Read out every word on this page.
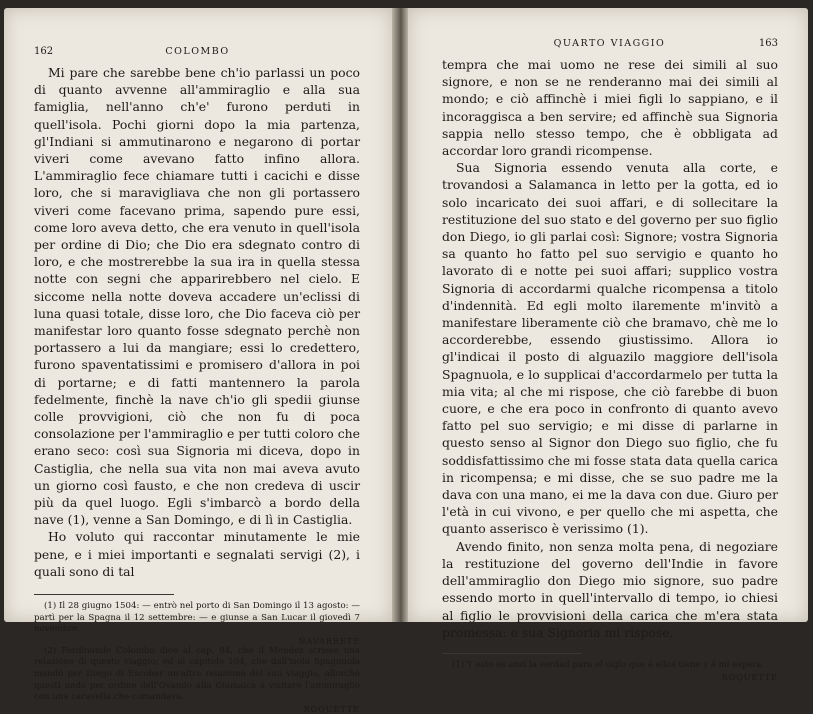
162	COLOMBO

Mi pare che sarebbe bene ch'io parlassi un poco di quanto avvenne all'ammiraglio e alla sua famiglia, nell'anno ch'e' furono perduti in quell'isola. Pochi giorni dopo la mia partenza, gl'Indiani si ammutinarono e negarono di portar viveri come avevano fatto infino allora. L'ammiraglio fece chiamare tutti i cacichi e disse loro, che si maravigliava che non gli portassero viveri come facevano prima, sapendo pure essi, come loro aveva detto, che era venuto in quell'isola per ordine di Dio; che Dio era sdegnato contro di loro, e che mostrerebbe la sua ira in quella stessa notte con segni che apparirebbero nel cielo. E siccome nella notte doveva accadere un'eclissi di luna quasi totale, disse loro, che Dio faceva ciò per manifestar loro quanto fosse sdegnato perchè non portassero a lui da mangiare; essi lo credettero, furono spaventatissimi e promisero d'allora in poi di portarne; e di fatti mantennero la parola fedelmente, finchè la nave ch'io gli spedii giunse colle provvigioni, ciò che non fu di poca consolazione per l'ammiraglio e per tutti coloro che erano seco: così sua Signoria mi diceva, dopo in Castiglia, che nella sua vita non mai aveva avuto un giorno così fausto, e che non credeva di uscir più da quel luogo. Egli s'imbarcò a bordo della nave (1), venne a San Domingo, e di lì in Castiglia.

Ho voluto qui raccontar minutamente le mie pene, e i miei importanti e segnalati servigi (2), i quali sono di tal

(1) Il 28 giugno 1504: — entrò nel porto di San Domingo il 13 agosto: — partì per la Spagna il 12 settembre: — e giunse a San Lucar il giovedì 7 novembre.

NAVARRETE

(2) Ferdinando Colombo dice al cap. 94, che il Mendez scrisse una relazione di questo viaggio; ed al capitolo 104, che dall'isola Spagnuola mandò per Diego di Escobar un'altra relazione del suo viaggio, allorchè questi andò per ordine dell'Ovando alla Giamaica a visitare l'ammiraglio con una caravella che comandava.

ROQUETTE
QUARTO VIAGGIO	163

tempra che mai uomo ne rese dei simili al suo signore, e non se ne renderanno mai dei simili al mondo; e ciò affinchè i miei figli lo sappiano, e il incoraggisca a ben servire; ed affinchè sua Signoria sappia nello stesso tempo, che è obbligata ad accordar loro grandi ricompense.

Sua Signoria essendo venuta alla corte, e trovandosi a Salamanca in letto per la gotta, ed io solo incaricato dei suoi affari, e di sollecitare la restituzione del suo stato e del governo per suo figlio don Diego, io gli parlai così: Signore; vostra Signoria sa quanto ho fatto pel suo servigio e quanto ho lavorato di e notte pei suoi affari; supplico vostra Signoria di accordarmi qualche ricompensa a titolo d'indennità. Ed egli molto ilaremente m'invitò a manifestare liberamente ciò che bramavo, chè me lo accorderebbe, essendo giustissimo. Allora io gl'indicai il posto di alguazilo maggiore dell'isola Spagnuola, e lo supplicai d'accordarmelo per tutta la mia vita; al che mi rispose, che ciò farebbe di buon cuore, e che era poco in confronto di quanto avevo fatto pel suo servigio; e mi disse di parlarne in questo senso al Signor don Diego suo figlio, che fu soddisfattissimo che mi fosse stata data quella carica in ricompensa; e mi disse, che se suo padre me la dava con una mano, ei me la dava con due. Giuro per l'età in cui vivono, e per quello che mi aspetta, che quanto asserisco è verissimo (1).

Avendo finito, non senza molta pena, di negoziare la restituzione del governo dell'Indie in favore dell'ammiraglio don Diego mio signore, suo padre essendo morto in quell'intervallo di tempo, io chiesi al figlio le provvisioni della carica che m'era stata promessa: e sua Signoria mi rispose,

(1) Y esto es ansi la verdad para el siglo que á ellos tiene y á mi espera.

ROQUETTE
